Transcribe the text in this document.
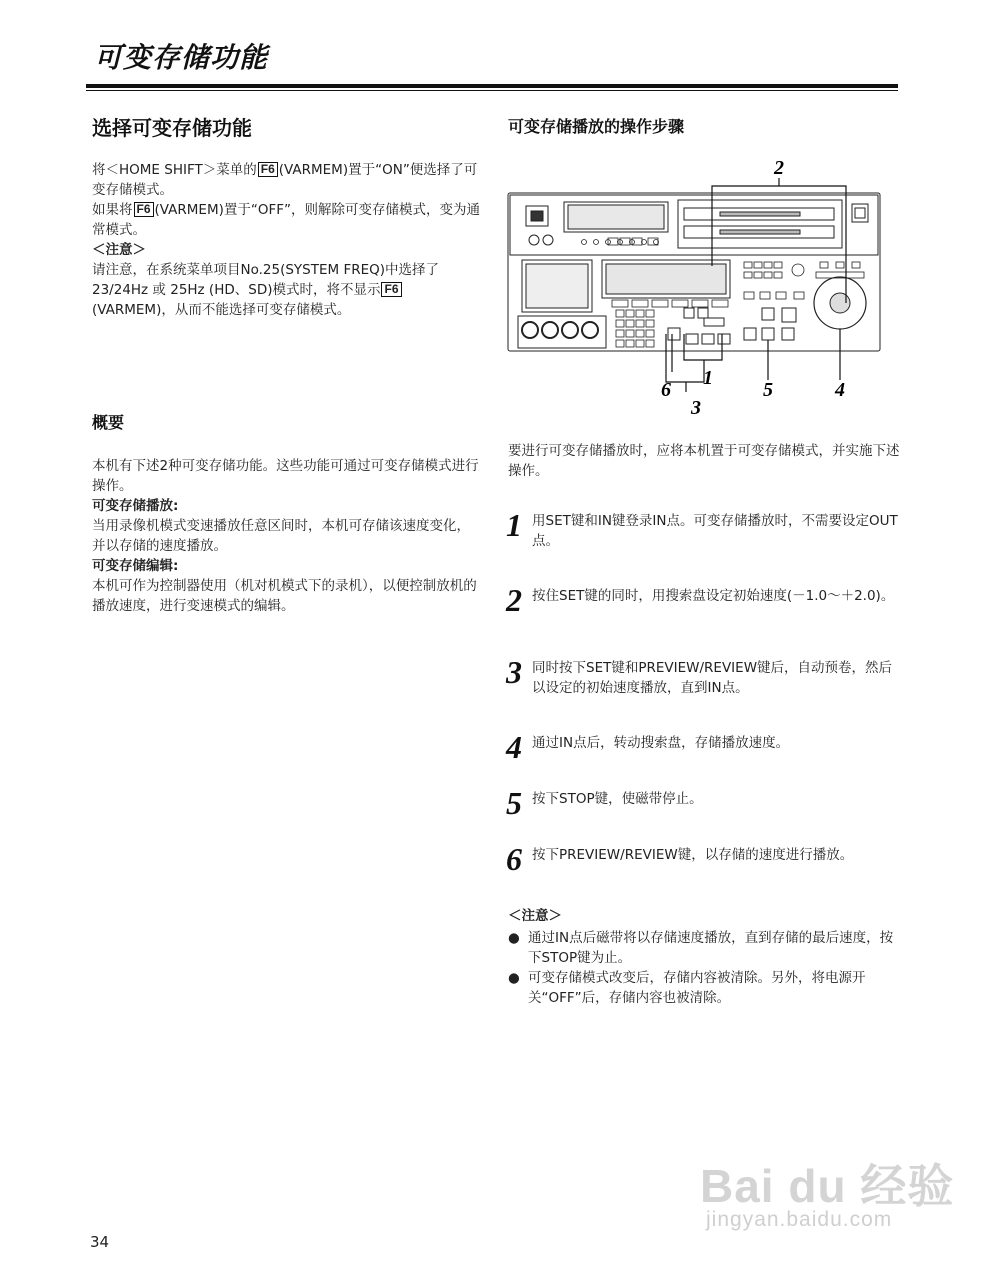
可变存储功能
选择可变存储功能

将＜HOME SHIFT＞菜单的 F6 (VARMEM)置于“ON”便选择了可变存储模式。

如果将 F6 (VARMEM)置于“OFF”，则解除可变存储模式，变为通常模式。

＜注意＞

请注意，在系统菜单项目No.25(SYSTEM FREQ)中选择了 23/24Hz 或 25Hz (HD、SD)模式时，将不显示 F6(VARMEM)，从而不能选择可变存储模式。

概要

本机有下述2种可变存储功能。这些功能可通过可变存储模式进行操作。

可变存储播放:

当用录像机模式变速播放任意区间时，本机可存储该速度变化，并以存储的速度播放。

可变存储编辑:

本机可作为控制器使用（机对机模式下的录机），以便控制放机的播放速度，进行变速模式的编辑。

可变存储播放的操作步骤
2
1
6
3
5	4
要进行可变存储播放时，应将本机置于可变存储模式，并实施下述操作。
1 用SET键和IN键登录IN点。可变存储播放时，不需要设定OUT点。
2 按住SET键的同时，用搜索盘设定初始速度(－1.0～＋2.0)。
3 同时按下SET键和PREVIEW/REVIEW键后，自动预卷，然后以设定的初始速度播放，直到IN点。
4 通过IN点后，转动搜索盘，存储播放速度。
5 按下STOP键，使磁带停止。
6 按下PREVIEW/REVIEW键，以存储的速度进行播放。
＜注意＞
● 通过IN点后磁带将以存储速度播放，直到存储的最后速度，按下STOP键为止。
● 可变存储模式改变后，存储内容被清除。另外，将电源开关“OFF”后，存储内容也被清除。
Bai du 经验
jingyan.baidu.com
34
